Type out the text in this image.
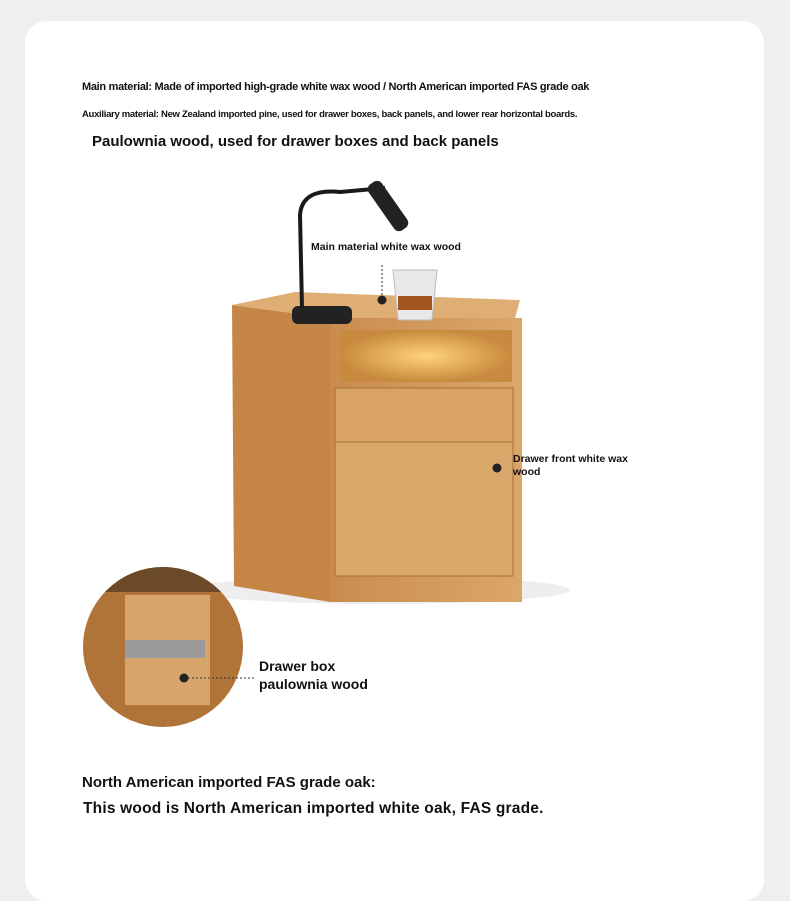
Main material: Made of imported high-grade white wax wood / North American imported FAS grade oak
Auxiliary material: New Zealand imported pine, used for drawer boxes, back panels, and lower rear horizontal boards.
Paulownia wood, used for drawer boxes and back panels
Main material white wax wood
Drawer front white wax
wood
Drawer box
paulownia wood
North American imported FAS grade oak:
This wood is North American imported white oak, FAS grade.
